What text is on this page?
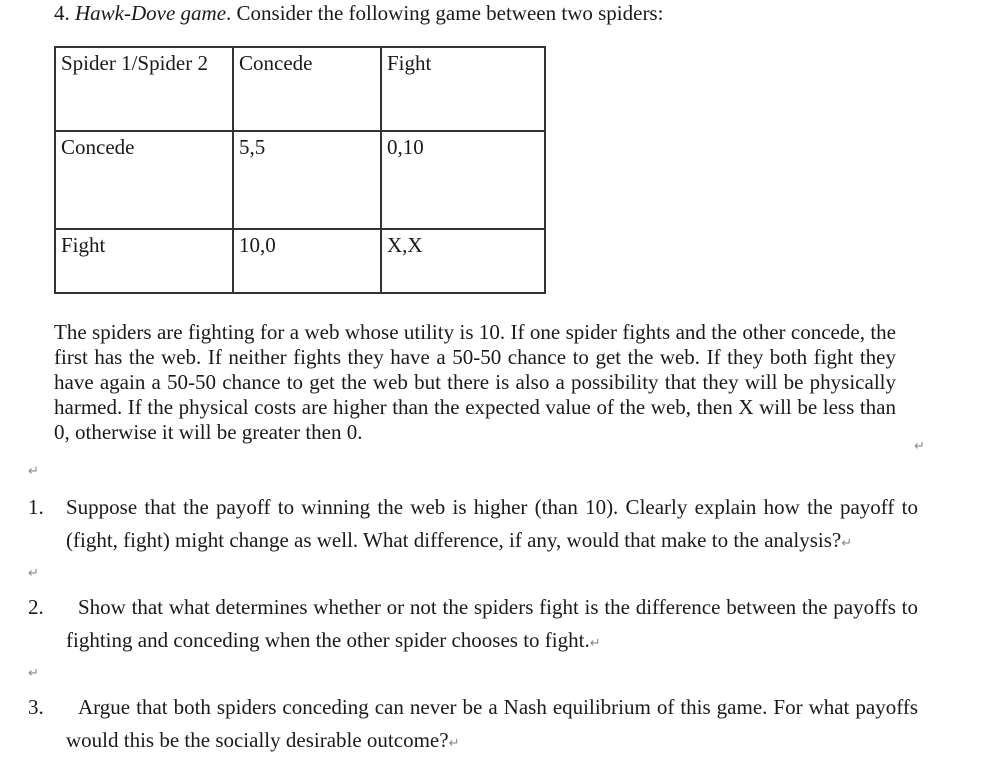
4. Hawk-Dove game. Consider the following game between two spiders:
Spider 1/Spider 2	Concede	Fight
Concede	5,5	0,10
Fight	10,0	X,X
The spiders are fighting for a web whose utility is 10. If one spider fights and the other concede, the first has the web. If neither fights they have a 50-50 chance to get the web. If they both fight they have again a 50-50 chance to get the web but there is also a possibility that they will be physically harmed. If the physical costs are higher than the expected value of the web, then X will be less than 0, otherwise it will be greater then 0.
↵
↵
1. Suppose that the payoff to winning the web is higher (than 10). Clearly explain how the payoff to (fight, fight) might change as well. What difference, if any, would that make to the analysis?↵
↵
2.	Show that what determines whether or not the spiders fight is the difference between the payoffs to fighting and conceding when the other spider chooses to fight.↵
↵
3.	Argue that both spiders conceding can never be a Nash equilibrium of this game. For what payoffs would this be the socially desirable outcome?↵
